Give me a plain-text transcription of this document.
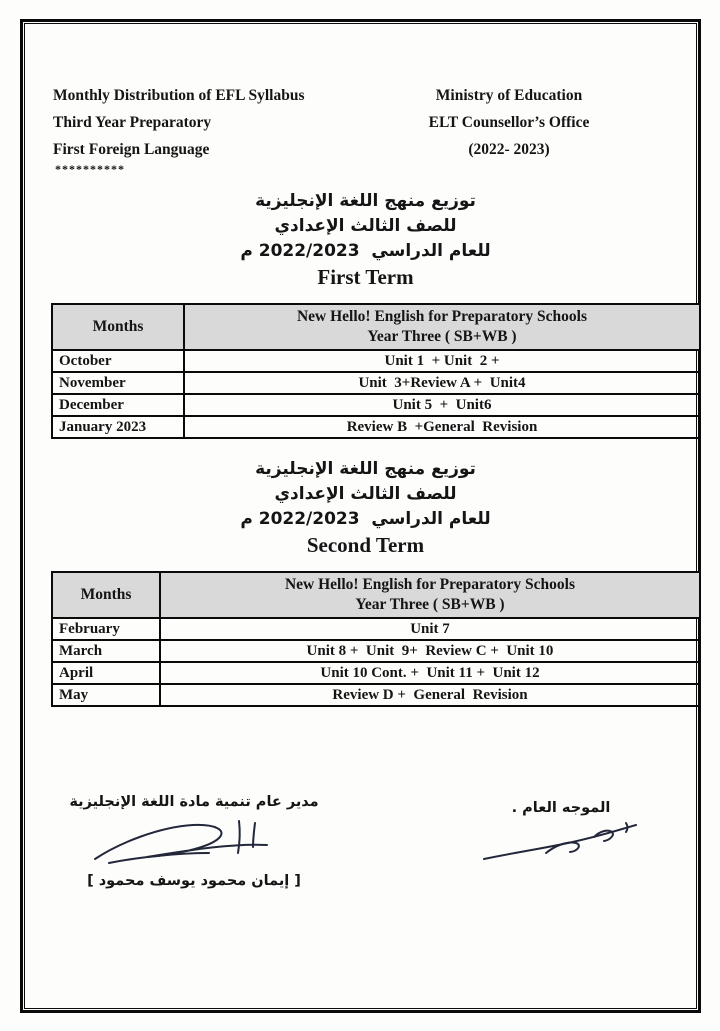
Monthly Distribution of EFL Syllabus
Third Year Preparatory
First Foreign Language
**********
Ministry of Education
ELT Counsellor’s Office
(2022- 2023)
توزيع منهج اللغة الإنجليزية
للصف الثالث الإعدادي
للعام الدراسي  2022/2023 م
First Term
Months	New Hello! English for Preparatory Schools
Year Three ( SB+WB )

October	Unit 1  + Unit  2 +
November	Unit  3+Review A +  Unit4
December	Unit 5  +  Unit6
January 2023	Review B  +General  Revision
توزيع منهج اللغة الإنجليزية
للصف الثالث الإعدادي
للعام الدراسي  2022/2023 م
Second Term
Months	New Hello! English for Preparatory Schools
Year Three ( SB+WB )

February	Unit 7
March	Unit 8 +  Unit  9+  Review C +  Unit 10
April	Unit 10 Cont. +  Unit 11 +  Unit 12
May	Review D +  General  Revision
مدير عام تنمية مادة اللغة الإنجليزية
[ إيمان محمود يوسف محمود ]
الموجه العام .
